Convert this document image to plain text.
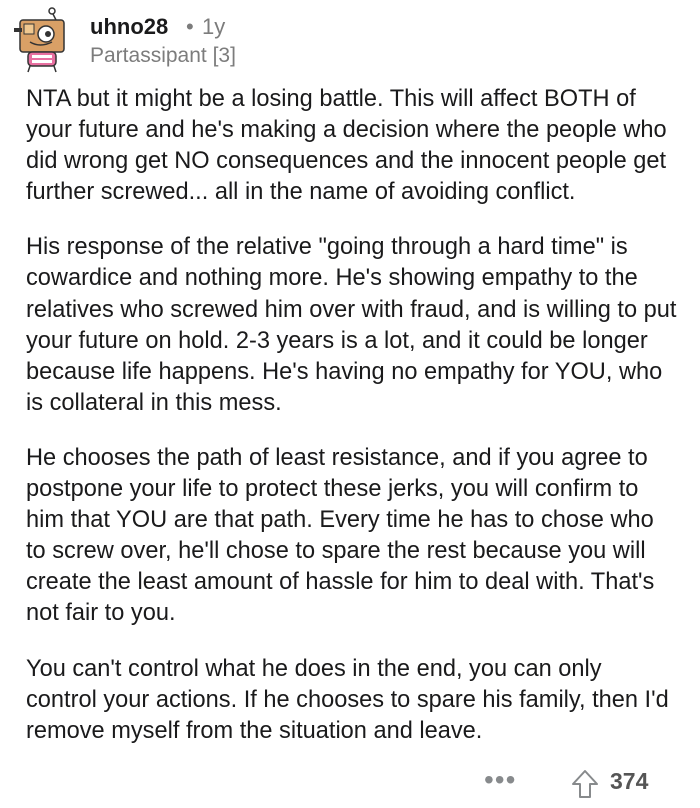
uhno28 • 1y
Partassipant [3]

NTA but it might be a losing battle. This will affect BOTH of your future and he's making a decision where the people who did wrong get NO consequences and the innocent people get further screwed... all in the name of avoiding conflict.

His response of the relative "going through a hard time" is cowardice and nothing more. He's showing empathy to the relatives who screwed him over with fraud, and is willing to put your future on hold. 2-3 years is a lot, and it could be longer because life happens. He's having no empathy for YOU, who is collateral in this mess.

He chooses the path of least resistance, and if you agree to postpone your life to protect these jerks, you will confirm to him that YOU are that path. Every time he has to chose who to screw over, he'll chose to spare the rest because you will create the least amount of hassle for him to deal with. That's not fair to you.

You can't control what he does in the end, you can only control your actions. If he chooses to spare his family, then I'd remove myself from the situation and leave.

•••	374
